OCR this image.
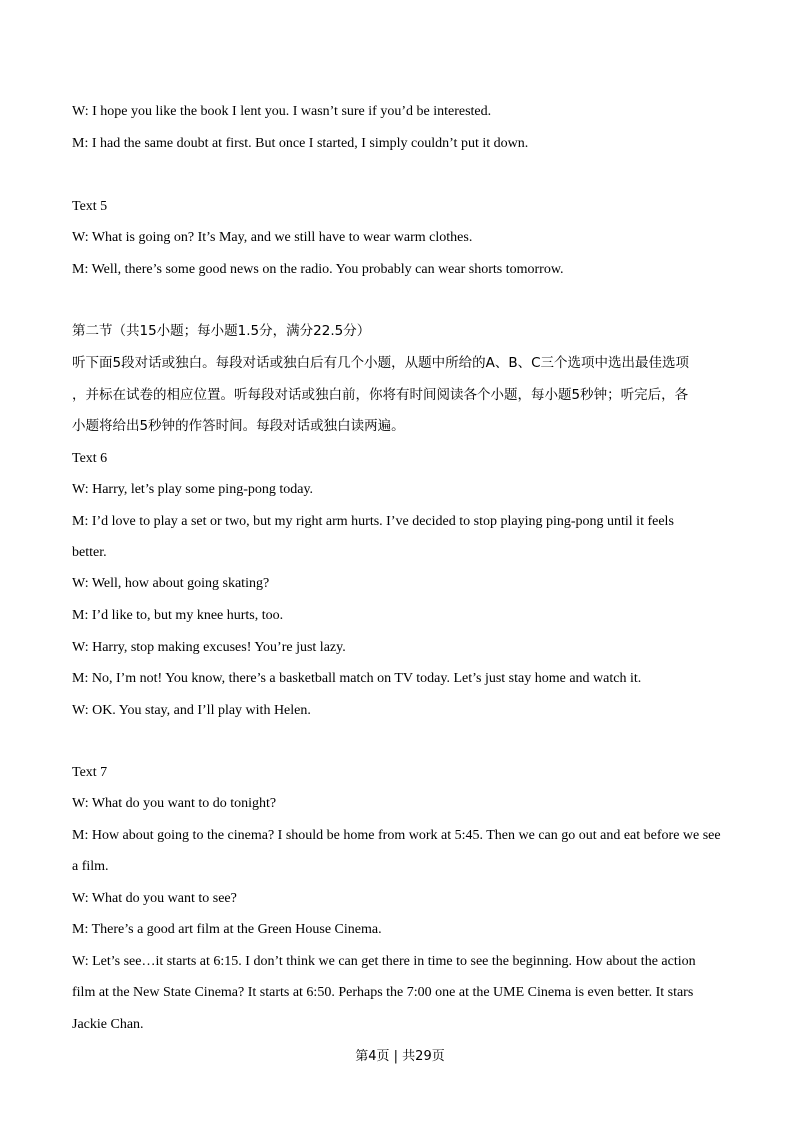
W: I hope you like the book I lent you. I wasn’t sure if you’d be interested.
M: I had the same doubt at first. But once I started, I simply couldn’t put it down.
Text 5
W: What is going on? It’s May, and we still have to wear warm clothes.
M: Well, there’s some good news on the radio. You probably can wear shorts tomorrow.
第二节（共15小题；每小题1.5分，满分22.5分）
听下面5段对话或独白。每段对话或独白后有几个小题，从题中所给的A、B、C三个选项中选出最佳选项
，并标在试卷的相应位置。听每段对话或独白前，你将有时间阅读各个小题，每小题5秒钟；听完后，各
小题将给出5秒钟的作答时间。每段对话或独白读两遍。
Text 6
W: Harry, let’s play some ping-pong today.
M: I’d love to play a set or two, but my right arm hurts. I’ve decided to stop playing ping-pong until it feels
better.
W: Well, how about going skating?
M: I’d like to, but my knee hurts, too.
W: Harry, stop making excuses! You’re just lazy.
M: No, I’m not! You know, there’s a basketball match on TV today. Let’s just stay home and watch it.
W: OK. You stay, and I’ll play with Helen.
Text 7
W: What do you want to do tonight?
M: How about going to the cinema? I should be home from work at 5:45. Then we can go out and eat before we see
a film.
W: What do you want to see?
M: There’s a good art film at the Green House Cinema.
W: Let’s see…it starts at 6:15. I don’t think we can get there in time to see the beginning. How about the action
film at the New State Cinema? It starts at 6:50. Perhaps the 7:00 one at the UME Cinema is even better. It stars
Jackie Chan.
第4页 | 共29页
